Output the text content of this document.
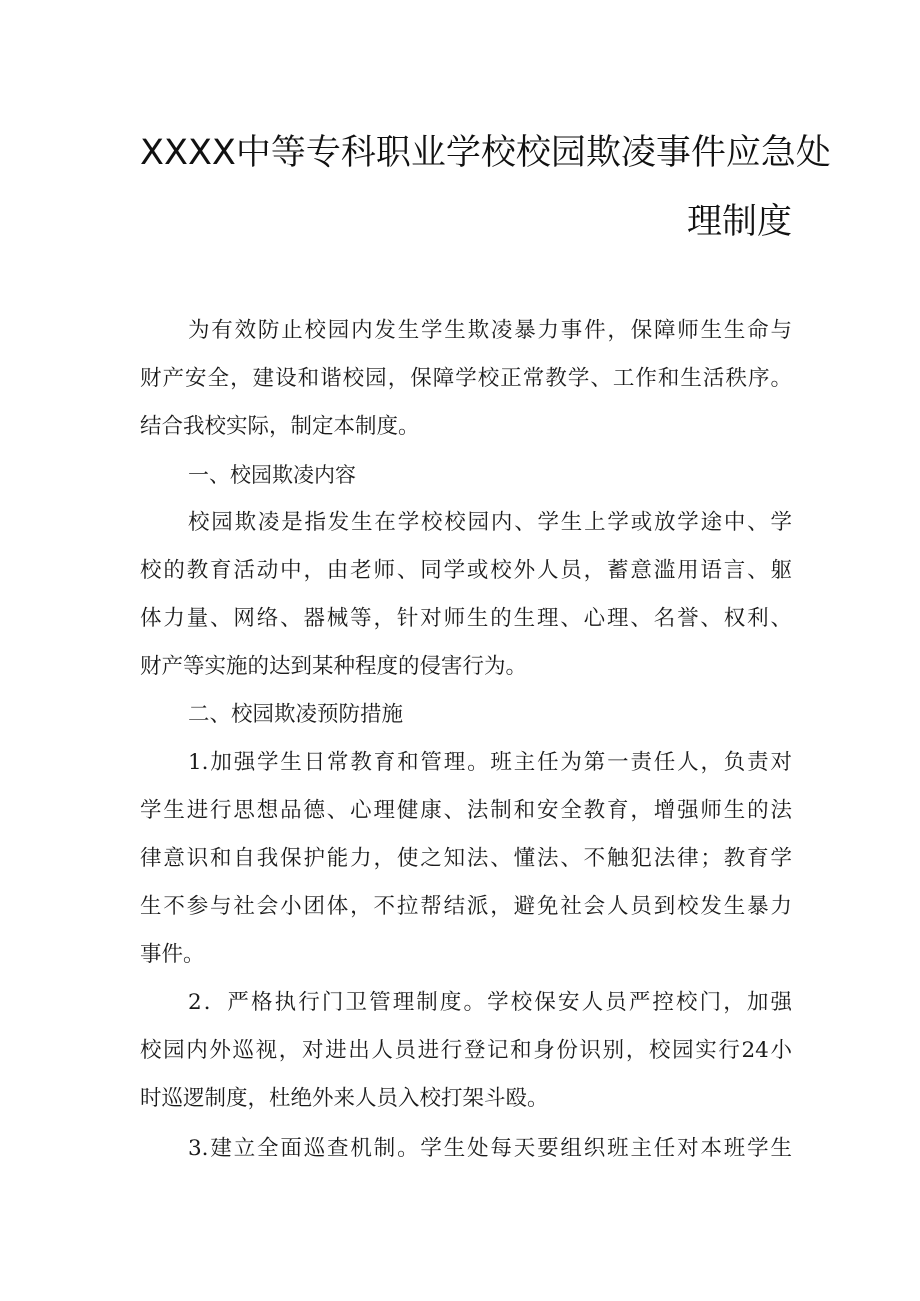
XXXX中等专科职业学校校园欺凌事件应急处
理制度
为有效防止校园内发生学生欺凌暴力事件，保障师生生命与
财产安全，建设和谐校园，保障学校正常教学、工作和生活秩序。
结合我校实际，制定本制度。
一、校园欺凌内容
校园欺凌是指发生在学校校园内、学生上学或放学途中、学
校的教育活动中，由老师、同学或校外人员，蓄意滥用语言、躯
体力量、网络、器械等，针对师生的生理、心理、名誉、权利、
财产等实施的达到某种程度的侵害行为。
二、校园欺凌预防措施
1.加强学生日常教育和管理。班主任为第一责任人，负责对
学生进行思想品德、心理健康、法制和安全教育，增强师生的法
律意识和自我保护能力，使之知法、懂法、不触犯法律；教育学
生不参与社会小团体，不拉帮结派，避免社会人员到校发生暴力
事件。
2．严格执行门卫管理制度。学校保安人员严控校门，加强
校园内外巡视，对进出人员进行登记和身份识别，校园实行24小
时巡逻制度，杜绝外来人员入校打架斗殴。
3.建立全面巡查机制。学生处每天要组织班主任对本班学生
